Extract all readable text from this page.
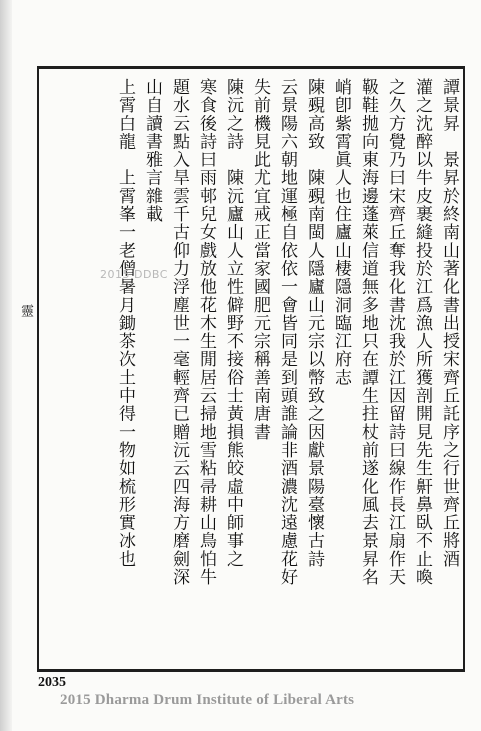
靈	譚景昇　景昇於終南山著化書出授宋齊丘託序之行世齊丘將酒
灌之沈醉以牛皮裹縫投於江爲漁人所獲剖開見先生鼾鼻臥不止喚
之久方覺乃曰宋齊丘奪我化書沈我於江因留詩曰線作長江扇作天
靸鞋拋向東海邊蓬萊信道無多地只在譚生拄杖前遂化風去景昇名
峭卽紫霄眞人也住廬山棲隱洞臨江府志
陳覡高致　陳覡南閩人隱廬山元宗以幣致之因獻景陽臺懷古詩
云景陽六朝地運極自依依一會皆同是到頭誰論非酒濃沈遠慮花好
失前機見此尤宜戒正當家國肥元宗稱善南唐書
陳沅之詩　陳沅廬山人立性僻野不接俗士黃損熊皎虛中師事之
寒食後詩曰雨邨兒女戲放他花木生閒居云掃地雪粘帚耕山鳥怕牛
題水云點入旱雲千古仰力浮塵世一毫輕齊已贈沅云四海方磨劍深
山自讀書雅言雜載
上霄白龍　上霄峯一老僧暑月鋤茶次土中得一物如梳形實冰也
2015 DDBC
2035
2015 Dharma Drum Institute of Liberal Arts
